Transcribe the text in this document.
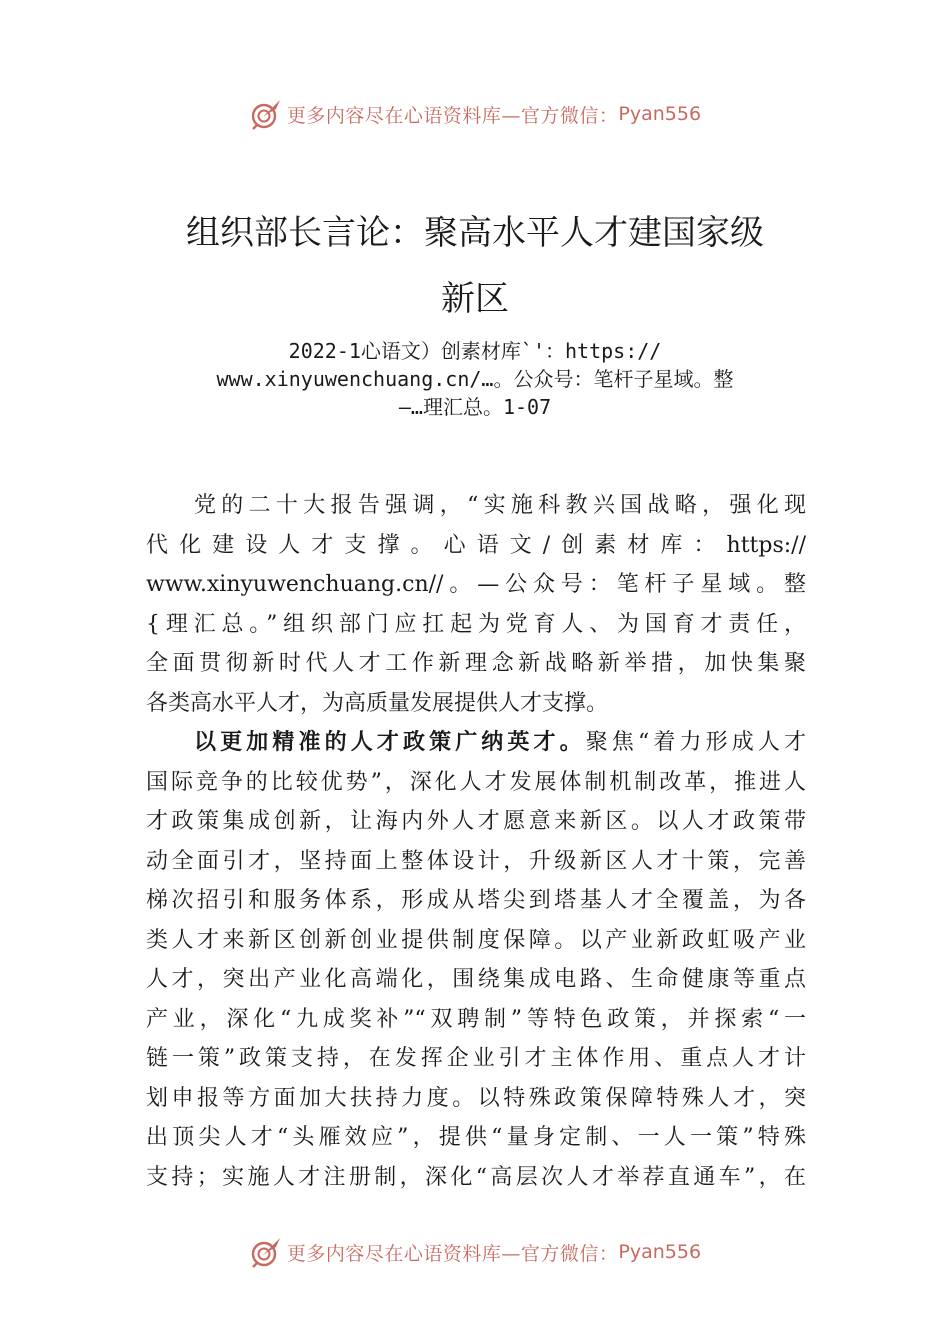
更多内容尽在心语资料库—官方微信： Pyan556
组织部长言论：聚高水平人才建国家级
新区
2022-1心语文）创素材库`'：https://
www.xinyuwenchuang.cn/…。公众号：笔杆子星域。整
—…理汇总。1-07
党的二十大报告强调，“实施科教兴国战略，强化现
代化建设人才支撑。心语文/创素材库：https://
www.xinyuwenchuang.cn//。—公众号：笔杆子星域。整
{理汇总。”组织部门应扛起为党育人、为国育才责任，
全面贯彻新时代人才工作新理念新战略新举措，加快集聚
各类高水平人才，为高质量发展提供人才支撑。
以更加精准的人才政策广纳英才。聚焦“着力形成人才
国际竞争的比较优势”，深化人才发展体制机制改革，推进人
才政策集成创新，让海内外人才愿意来新区。以人才政策带
动全面引才，坚持面上整体设计，升级新区人才十策，完善
梯次招引和服务体系，形成从塔尖到塔基人才全覆盖，为各
类人才来新区创新创业提供制度保障。以产业新政虹吸产业
人才，突出产业化高端化，围绕集成电路、生命健康等重点
产业，深化“九成奖补”“双聘制”等特色政策，并探索“一
链一策”政策支持，在发挥企业引才主体作用、重点人才计
划申报等方面加大扶持力度。以特殊政策保障特殊人才，突
出顶尖人才“头雁效应”，提供“量身定制、一人一策”特殊
支持；实施人才注册制，深化“高层次人才举荐直通车”，在
更多内容尽在心语资料库—官方微信： Pyan556
